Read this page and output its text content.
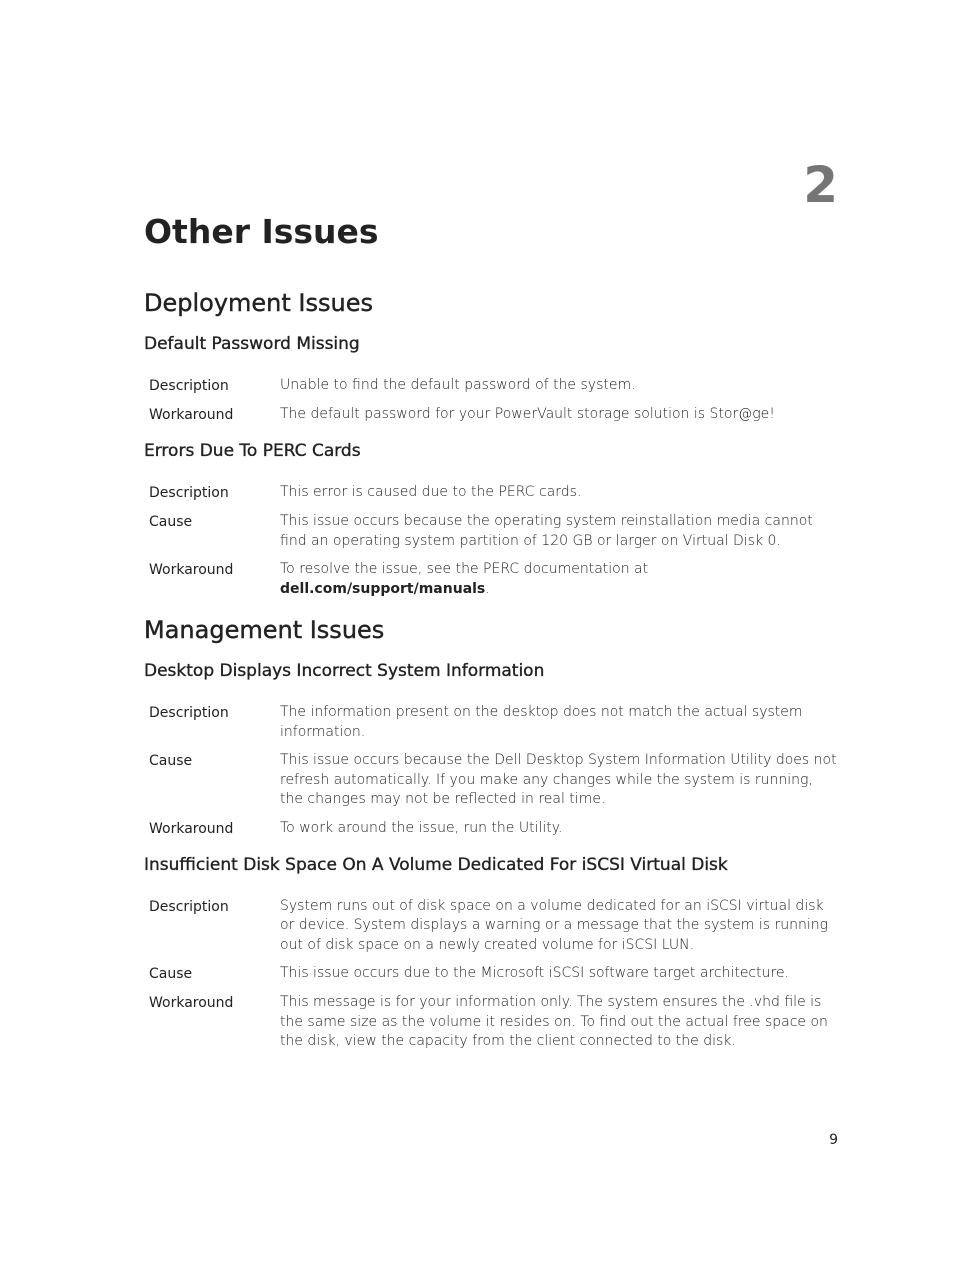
2
Other Issues
Deployment Issues
Default Password Missing
Description	Unable to find the default password of the system.
Workaround	The default password for your PowerVault storage solution is Stor@ge!
Errors Due To PERC Cards
Description	This error is caused due to the PERC cards.
Cause	This issue occurs because the operating system reinstallation media cannot find an operating system partition of 120 GB or larger on Virtual Disk 0.
Workaround	To resolve the issue, see the PERC documentation at dell.com/support/manuals.
Management Issues
Desktop Displays Incorrect System Information
Description	The information present on the desktop does not match the actual system information.
Cause	This issue occurs because the Dell Desktop System Information Utility does not refresh automatically. If you make any changes while the system is running, the changes may not be reflected in real time.
Workaround	To work around the issue, run the Utility.
Insufficient Disk Space On A Volume Dedicated For iSCSI Virtual Disk
Description	System runs out of disk space on a volume dedicated for an iSCSI virtual disk or device. System displays a warning or a message that the system is running out of disk space on a newly created volume for iSCSI LUN.
Cause	This issue occurs due to the Microsoft iSCSI software target architecture.
Workaround	This message is for your information only. The system ensures the .vhd file is the same size as the volume it resides on. To find out the actual free space on the disk, view the capacity from the client connected to the disk.
9
